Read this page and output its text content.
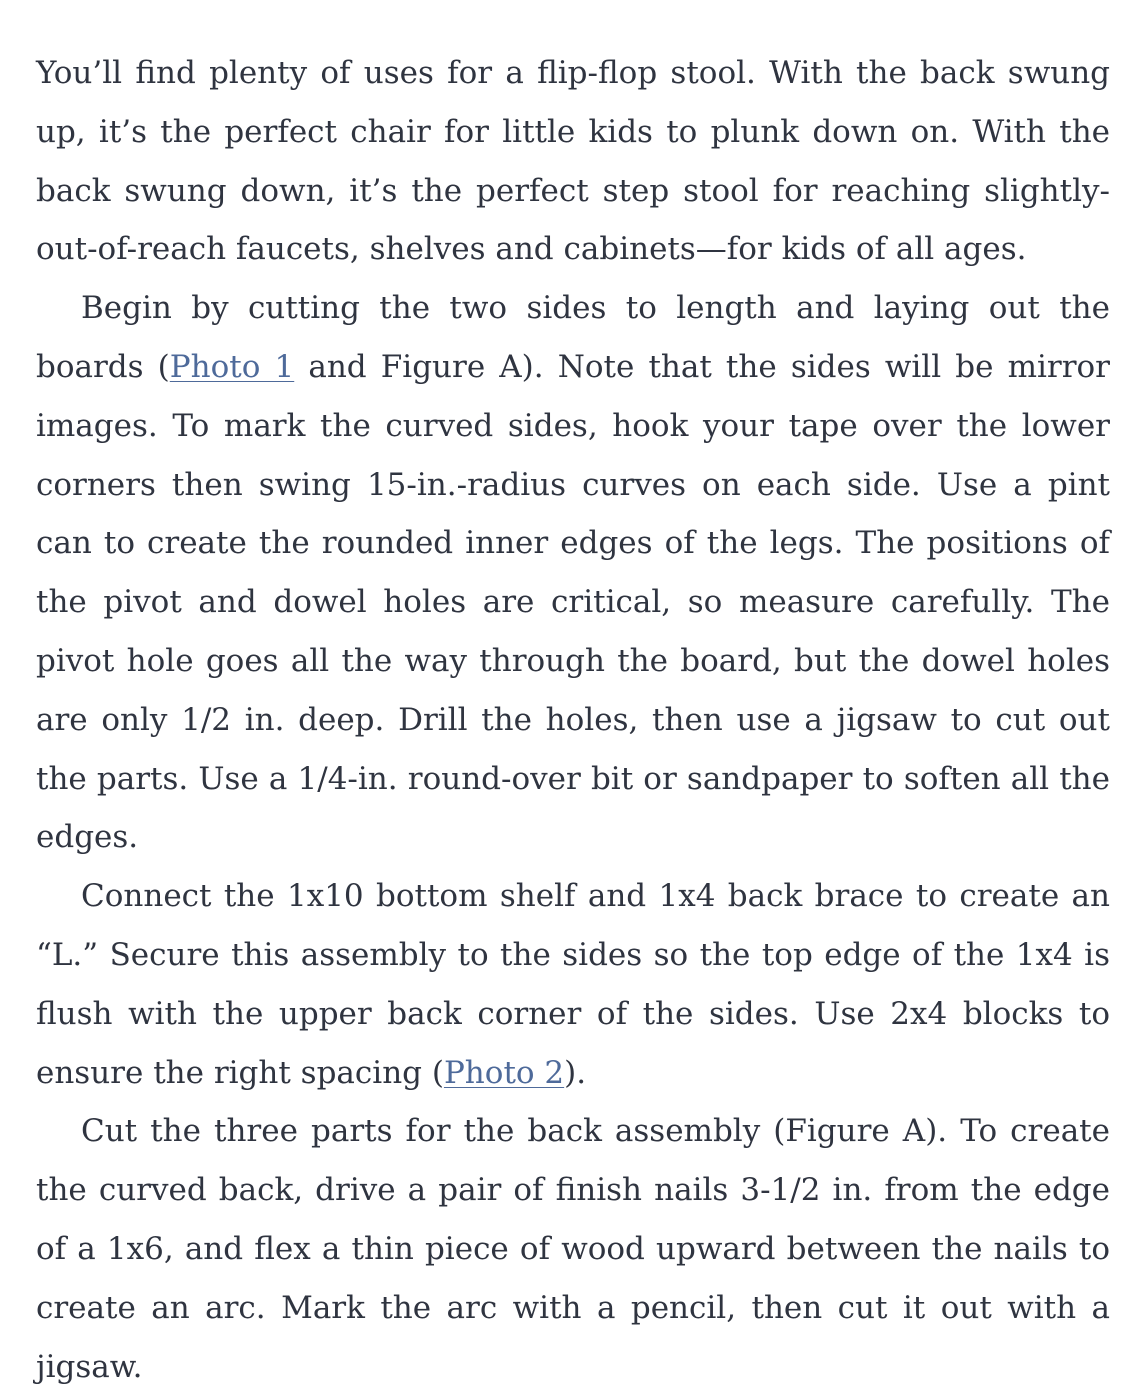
You’ll find plenty of uses for a flip-flop stool. With the back swung up, it’s the perfect chair for little kids to plunk down on. With the back swung down, it’s the perfect step stool for reaching slightly-out-of-reach faucets, shelves and cabinets—for kids of all ages.

Begin by cutting the two sides to length and laying out the boards (Photo 1 and Figure A). Note that the sides will be mirror images. To mark the curved sides, hook your tape over the lower corners then swing 15-in.-radius curves on each side. Use a pint can to create the rounded inner edges of the legs. The positions of the pivot and dowel holes are critical, so measure carefully. The pivot hole goes all the way through the board, but the dowel holes are only 1/2 in. deep. Drill the holes, then use a jigsaw to cut out the parts. Use a 1/4-in. round-over bit or sandpaper to soften all the edges.

Connect the 1x10 bottom shelf and 1x4 back brace to create an “L.” Secure this assembly to the sides so the top edge of the 1x4 is flush with the upper back corner of the sides. Use 2x4 blocks to ensure the right spacing (Photo 2).

Cut the three parts for the back assembly (Figure A). To create the curved back, drive a pair of finish nails 3-1/2 in. from the edge of a 1x6, and flex a thin piece of wood upward between the nails to create an arc. Mark the arc with a pencil, then cut it out with a jigsaw.
